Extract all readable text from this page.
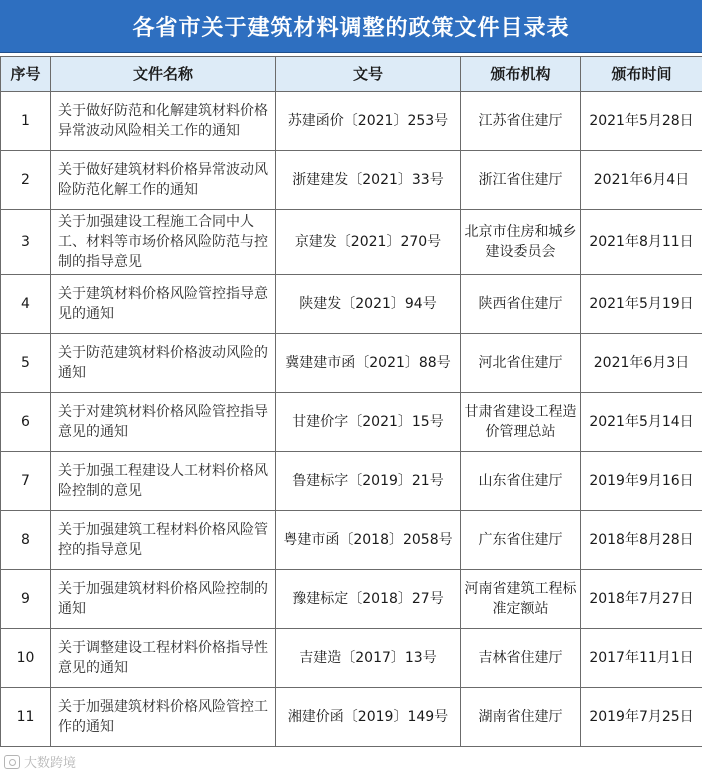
各省市关于建筑材料调整的政策文件目录表
序号	文件名称	文号	颁布机构	颁布时间
1	关于做好防范和化解建筑材料价格异常波动风险相关工作的通知	苏建函价〔2021〕253号	江苏省住建厅	2021年5月28日
2	关于做好建筑材料价格异常波动风险防范化解工作的通知	浙建建发〔2021〕33号	浙江省住建厅	2021年6月4日
3	关于加强建设工程施工合同中人工、材料等市场价格风险防范与控制的指导意见	京建发〔2021〕270号	北京市住房和城乡建设委员会	2021年8月11日
4	关于建筑材料价格风险管控指导意见的通知	陕建发〔2021〕94号	陕西省住建厅	2021年5月19日
5	关于防范建筑材料价格波动风险的通知	冀建建市函〔2021〕88号	河北省住建厅	2021年6月3日
6	关于对建筑材料价格风险管控指导意见的通知	甘建价字〔2021〕15号	甘肃省建设工程造价管理总站	2021年5月14日
7	关于加强工程建设人工材料价格风险控制的意见	鲁建标字〔2019〕21号	山东省住建厅	2019年9月16日
8	关于加强建筑工程材料价格风险管控的指导意见	粤建市函〔2018〕2058号	广东省住建厅	2018年8月28日
9	关于加强建筑材料价格风险控制的通知	豫建标定〔2018〕27号	河南省建筑工程标准定额站	2018年7月27日
10	关于调整建设工程材料价格指导性意见的通知	吉建造〔2017〕13号	吉林省住建厅	2017年11月1日
11	关于加强建筑材料价格风险管控工作的通知	湘建价函〔2019〕149号	湖南省住建厅	2019年7月25日
大数跨境
